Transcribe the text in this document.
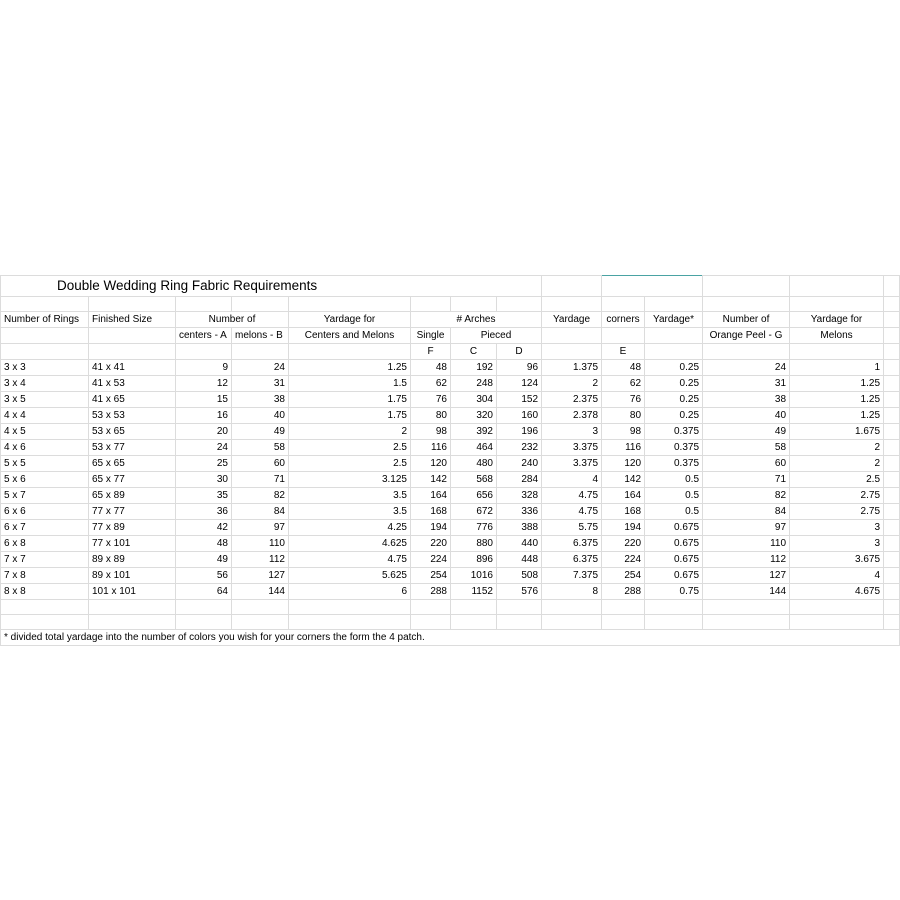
Double Wedding Ring Fabric Requirements													

Number of Rings	Finished Size	Number of		Yardage for	# Arches			Yardage	corners	Yardage*	Number of	Yardage for	
		centers - A	melons - B	Centers and Melons	Single	Pieced					Orange Peel - G	Melons	
					F	C	D		E				
3 x 3	41 x 41	9	24	1.25	48	192	96	1.375	48	0.25	24	1	
3 x 4	41 x 53	12	31	1.5	62	248	124	2	62	0.25	31	1.25	
3 x 5	41 x 65	15	38	1.75	76	304	152	2.375	76	0.25	38	1.25	
4 x 4	53 x 53	16	40	1.75	80	320	160	2.378	80	0.25	40	1.25	
4 x 5	53 x 65	20	49	2	98	392	196	3	98	0.375	49	1.675	
4 x 6	53 x 77	24	58	2.5	116	464	232	3.375	116	0.375	58	2	
5 x 5	65 x 65	25	60	2.5	120	480	240	3.375	120	0.375	60	2	
5 x 6	65 x 77	30	71	3.125	142	568	284	4	142	0.5	71	2.5	
5 x 7	65 x 89	35	82	3.5	164	656	328	4.75	164	0.5	82	2.75	
6 x 6	77 x 77	36	84	3.5	168	672	336	4.75	168	0.5	84	2.75	
6 x 7	77 x 89	42	97	4.25	194	776	388	5.75	194	0.675	97	3	
6 x 8	77 x 101	48	110	4.625	220	880	440	6.375	220	0.675	110	3	
7 x 7	89 x 89	49	112	4.75	224	896	448	6.375	224	0.675	112	3.675	
7 x 8	89 x 101	56	127	5.625	254	1016	508	7.375	254	0.675	127	4	
8 x 8	101 x 101	64	144	6	288	1152	576	8	288	0.75	144	4.675	

* divided total yardage into the number of colors you wish for your corners the form the 4 patch.													
